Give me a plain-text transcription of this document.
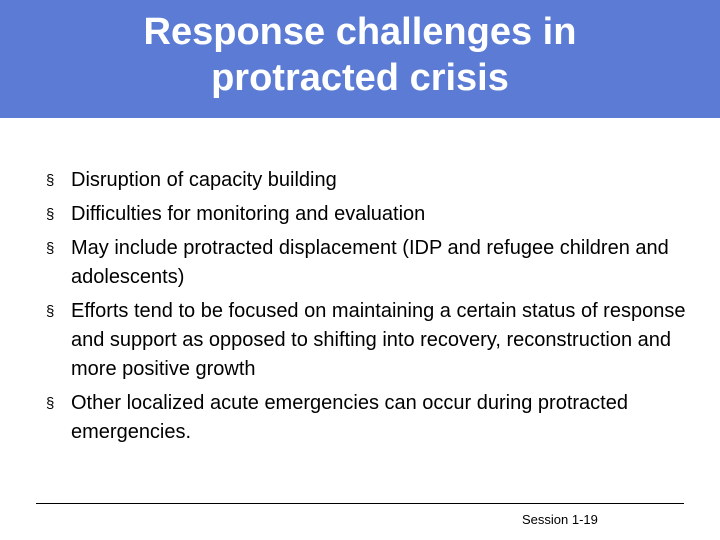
Response challenges in protracted crisis
§ Disruption of capacity building
§ Difficulties for monitoring and evaluation
§ May include protracted displacement (IDP and refugee children and adolescents)
§ Efforts tend to be focused on maintaining a certain status of response and support as opposed to shifting into recovery, reconstruction and more positive growth
§ Other localized acute emergencies can occur during protracted emergencies.
Session 1-19
